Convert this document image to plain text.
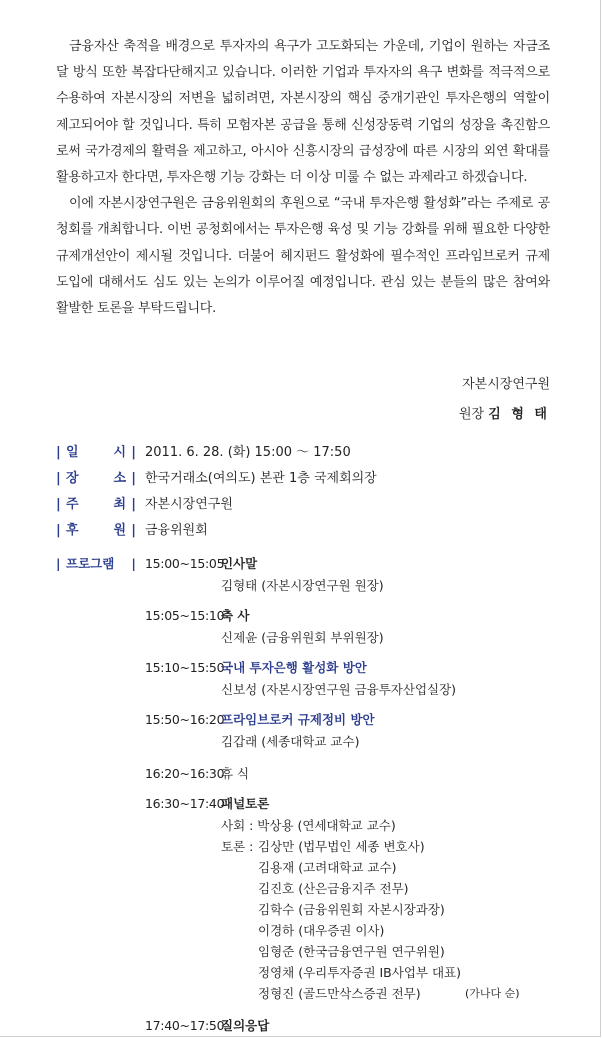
금융자산 축적을 배경으로 투자자의 욕구가 고도화되는 가운데, 기업이 원하는 자금조달 방식 또한 복잡다단해지고 있습니다. 이러한 기업과 투자자의 욕구 변화를 적극적으로 수용하여 자본시장의 저변을 넓히려면, 자본시장의 핵심 중개기관인 투자은행의 역할이 제고되어야 할 것입니다. 특히 모험자본 공급을 통해 신성장동력 기업의 성장을 촉진함으로써 국가경제의 활력을 제고하고, 아시아 신흥시장의 급성장에 따른 시장의 외연 확대를 활용하고자 한다면, 투자은행 기능 강화는 더 이상 미룰 수 없는 과제라고 하겠습니다.

이에 자본시장연구원은 금융위원회의 후원으로 “국내 투자은행 활성화”라는 주제로 공청회를 개최합니다. 이번 공청회에서는 투자은행 육성 및 기능 강화를 위해 필요한 다양한 규제개선안이 제시될 것입니다. 더불어 헤지펀드 활성화에 필수적인 프라임브로커 규제 도입에 대해서도 심도 있는 논의가 이루어질 예정입니다. 관심 있는 분들의 많은 참여와 활발한 토론을 부탁드립니다.

자본시장연구원
원장 김 형 태
| 일	시 | 2011. 6. 28. (화) 15:00 ～ 17:50
| 장	소 | 한국거래소(여의도) 본관 1층 국제회의장
| 주	최 | 자본시장연구원
| 후	원 | 금융위원회
| 프로그램 | 15:00~15:05
인사말
김형태 (자본시장연구원 원장)
15:05~15:10
축 사
신제윤 (금융위원회 부위원장)
15:10~15:50
국내 투자은행 활성화 방안
신보성 (자본시장연구원 금융투자산업실장)
15:50~16:20
프라임브로커 규제정비 방안
김갑래 (세종대학교 교수)
16:20~16:30
휴 식
16:30~17:40
패널토론
사회 : 박상용 (연세대학교 교수)
토론 : 김상만 (법무법인 세종 변호사)
김용재 (고려대학교 교수)
김진호 (산은금융지주 전무)
김학수 (금융위원회 자본시장과장)
이경하 (대우증권 이사)
임형준 (한국금융연구원 연구위원)
정영채 (우리투자증권 IB사업부 대표)
정형진 (골드만삭스증권 전무)	(가나다 순)
17:40~17:50
질의응답
